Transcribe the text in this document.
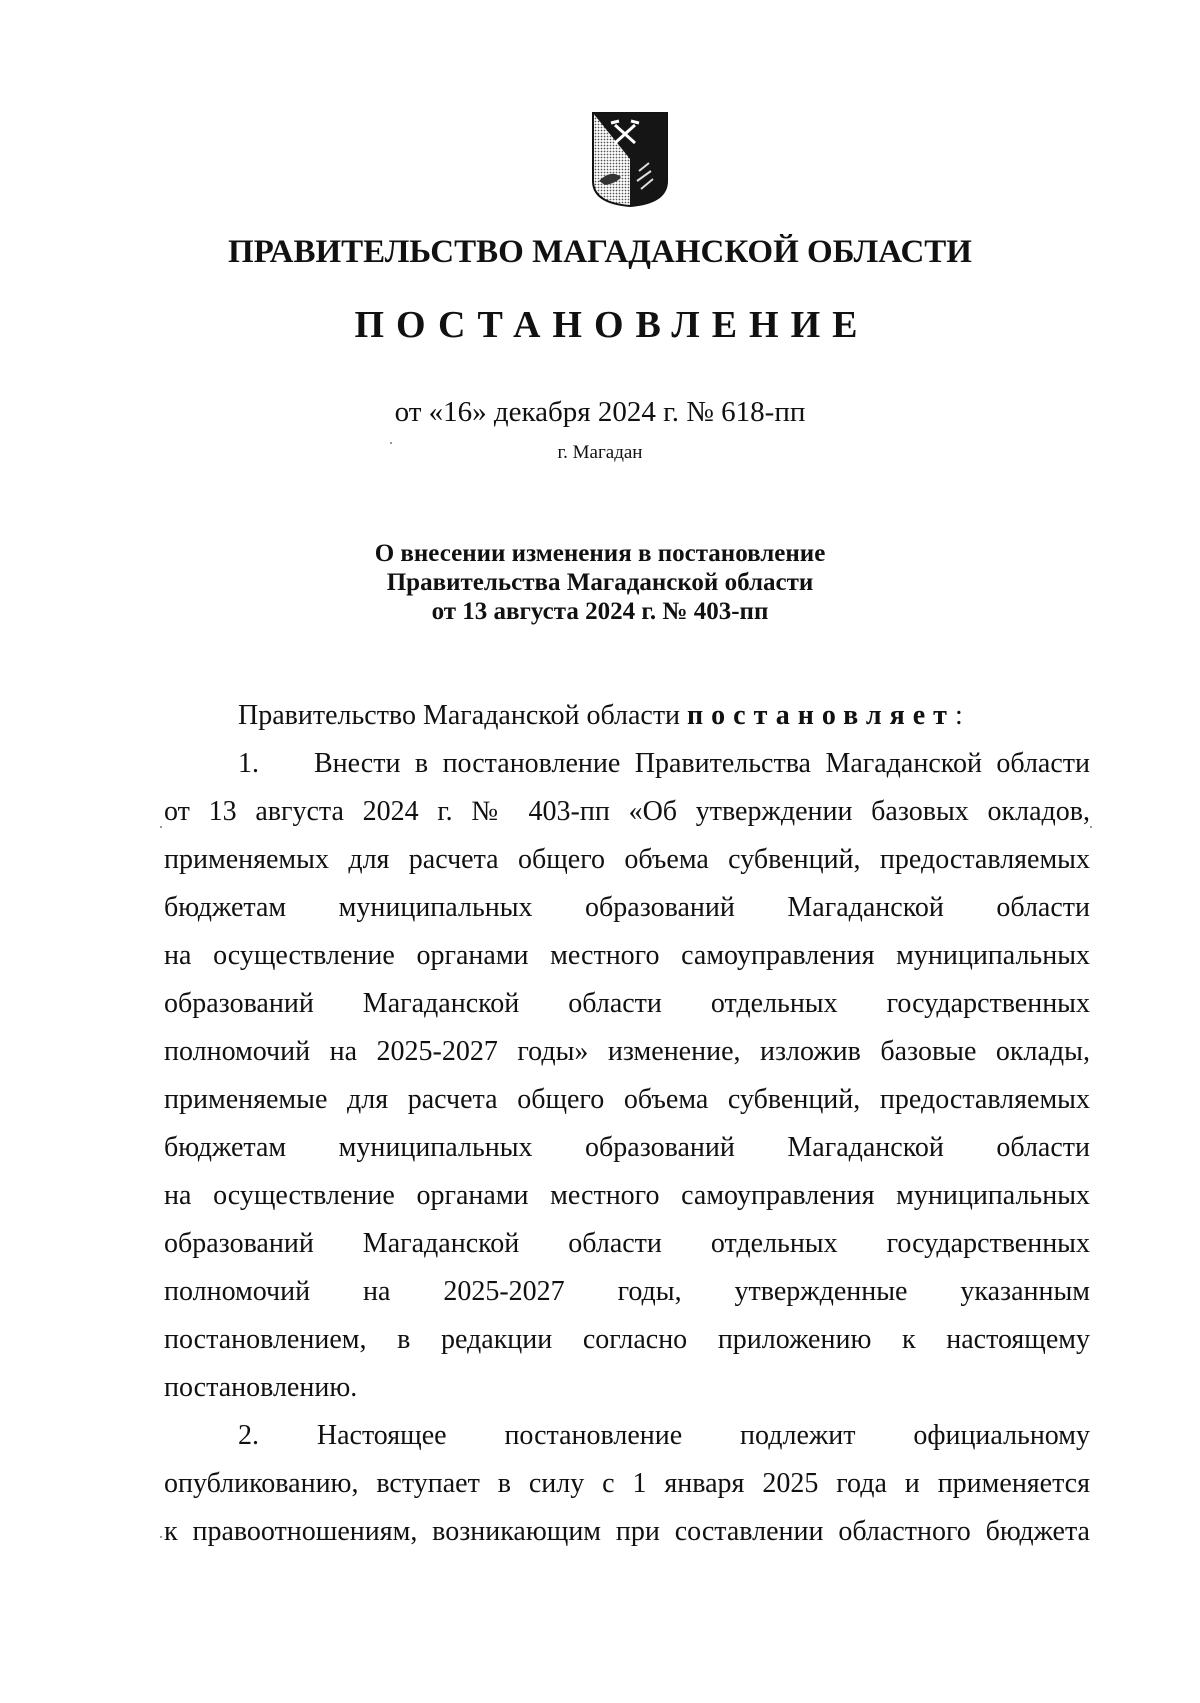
ПРАВИТЕЛЬСТВО МАГАДАНСКОЙ ОБЛАСТИ
ПОСТАНОВЛЕНИЕ
от «16» декабря 2024 г. № 618-пп
г. Магадан
О внесении изменения в постановление
Правительства Магаданской области
от 13 августа 2024 г. № 403-пп
Правительство Магаданской области постановляет:
1.	Внести в постановление Правительства Магаданской области
от 13 августа 2024 г. № 403-пп «Об утверждении базовых окладов,
применяемых для расчета общего объема субвенций, предоставляемых
бюджетам муниципальных образований Магаданской области
на осуществление органами местного самоуправления муниципальных
образований Магаданской области отдельных государственных
полномочий на 2025-2027 годы» изменение, изложив базовые оклады,
применяемые для расчета общего объема субвенций, предоставляемых
бюджетам муниципальных образований Магаданской области
на осуществление органами местного самоуправления муниципальных
образований Магаданской области отдельных государственных
полномочий на 2025-2027 годы, утвержденные указанным
постановлением, в редакции согласно приложению к настоящему
постановлению.
2. Настоящее постановление подлежит официальному
опубликованию, вступает в силу с 1 января 2025 года и применяется
к правоотношениям, возникающим при составлении областного бюджета
